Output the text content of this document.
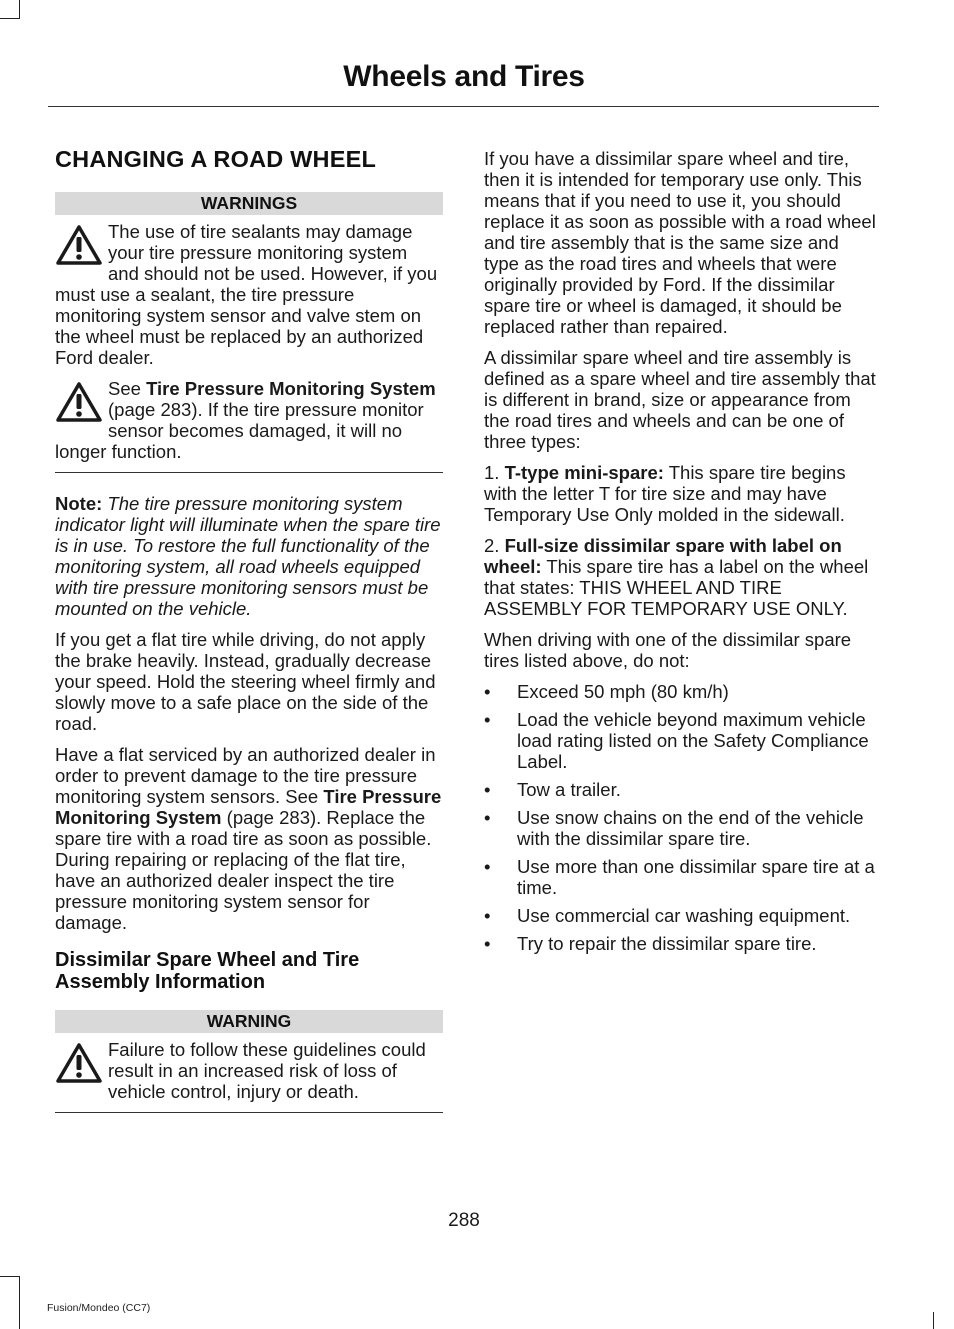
Wheels and Tires
CHANGING A ROAD WHEEL
WARNINGS
The use of tire sealants may damage your tire pressure monitoring system and should not be used. However, if you must use a sealant, the tire pressure monitoring system sensor and valve stem on the wheel must be replaced by an authorized Ford dealer.
See Tire Pressure Monitoring System (page 283). If the tire pressure monitor sensor becomes damaged, it will no longer function.

Note: The tire pressure monitoring system indicator light will illuminate when the spare tire is in use. To restore the full functionality of the monitoring system, all road wheels equipped with tire pressure monitoring sensors must be mounted on the vehicle.

If you get a flat tire while driving, do not apply the brake heavily. Instead, gradually decrease your speed. Hold the steering wheel firmly and slowly move to a safe place on the side of the road.

Have a flat serviced by an authorized dealer in order to prevent damage to the tire pressure monitoring system sensors. See Tire Pressure Monitoring System (page 283). Replace the spare tire with a road tire as soon as possible. During repairing or replacing of the flat tire, have an authorized dealer inspect the tire pressure monitoring system sensor for damage.

Dissimilar Spare Wheel and Tire Assembly Information
WARNING
Failure to follow these guidelines could result in an increased risk of loss of vehicle control, injury or death.

If you have a dissimilar spare wheel and tire, then it is intended for temporary use only. This means that if you need to use it, you should replace it as soon as possible with a road wheel and tire assembly that is the same size and type as the road tires and wheels that were originally provided by Ford. If the dissimilar spare tire or wheel is damaged, it should be replaced rather than repaired.

A dissimilar spare wheel and tire assembly is defined as a spare wheel and tire assembly that is different in brand, size or appearance from the road tires and wheels and can be one of three types:

1. T-type mini-spare: This spare tire begins with the letter T for tire size and may have Temporary Use Only molded in the sidewall.

2. Full-size dissimilar spare with label on wheel: This spare tire has a label on the wheel that states: THIS WHEEL AND TIRE ASSEMBLY FOR TEMPORARY USE ONLY.

When driving with one of the dissimilar spare tires listed above, do not:

• Exceed 50 mph (80 km/h)
• Load the vehicle beyond maximum vehicle load rating listed on the Safety Compliance Label.
• Tow a trailer.
• Use snow chains on the end of the vehicle with the dissimilar spare tire.
• Use more than one dissimilar spare tire at a time.
• Use commercial car washing equipment.
• Try to repair the dissimilar spare tire.
288
Fusion/Mondeo (CC7)
